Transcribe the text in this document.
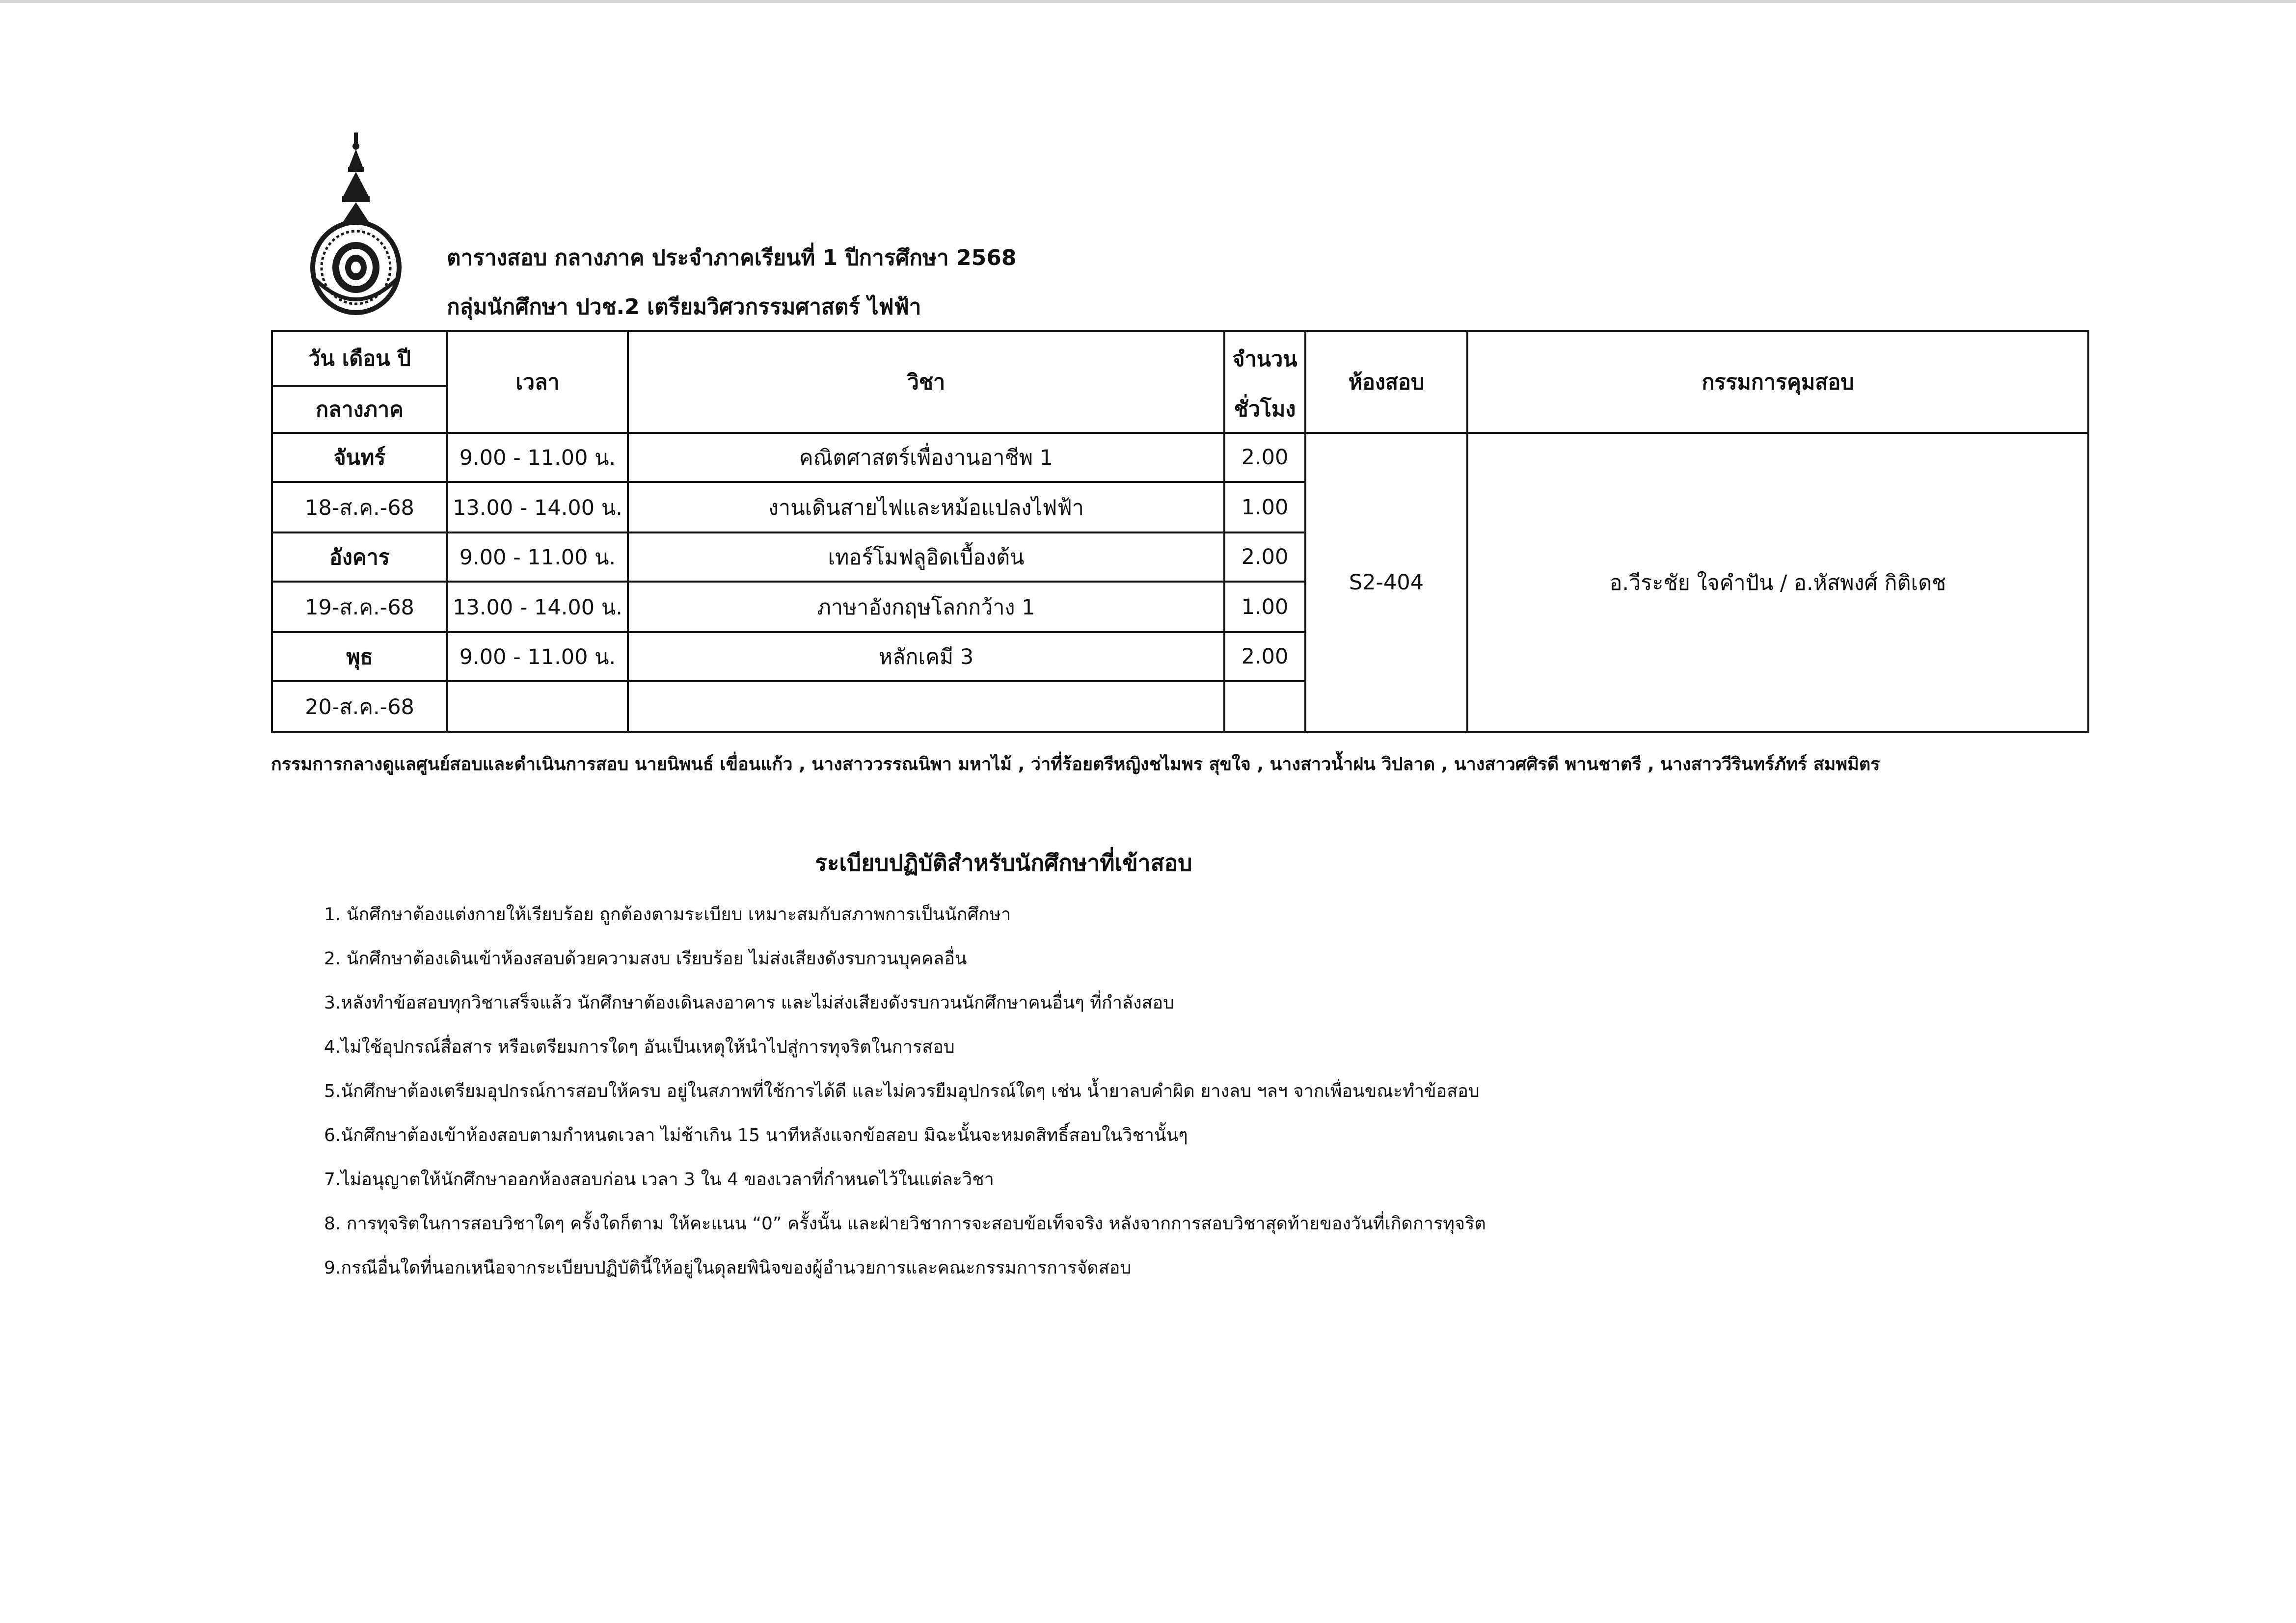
ตารางสอบ กลางภาค ประจำภาคเรียนที่ 1 ปีการศึกษา 2568
กลุ่มนักศึกษา ปวช.2 เตรียมวิศวกรรมศาสตร์ ไฟฟ้า
วัน เดือน ปี	เวลา	วิชา	จำนวน	ห้องสอบ	กรรมการคุมสอบ
กลางภาค			ชั่วโมง		
จันทร์	9.00 - 11.00 น.	คณิตศาสตร์เพื่องานอาชีพ 1	2.00	S2-404	อ.วีระชัย ใจคำปัน / อ.หัสพงศ์ กิติเดช
18-ส.ค.-68	13.00 - 14.00 น.	งานเดินสายไฟและหม้อแปลงไฟฟ้า	1.00		
อังคาร	9.00 - 11.00 น.	เทอร์โมฟลูอิดเบื้องต้น	2.00		
19-ส.ค.-68	13.00 - 14.00 น.	ภาษาอังกฤษโลกกว้าง 1	1.00		
พุธ	9.00 - 11.00 น.	หลักเคมี 3	2.00		
20-ส.ค.-68					
กรรมการกลางดูแลศูนย์สอบและดำเนินการสอบ นายนิพนธ์ เขื่อนแก้ว , นางสาววรรณนิพา มหาไม้ , ว่าที่ร้อยตรีหญิงชไมพร สุขใจ , นางสาวน้ำฝน วิปลาด , นางสาวศศิรดี พานชาตรี , นางสาววีรินทร์ภัทร์ สมพมิตร
ระเบียบปฏิบัติสำหรับนักศึกษาที่เข้าสอบ
1. นักศึกษาต้องแต่งกายให้เรียบร้อย ถูกต้องตามระเบียบ เหมาะสมกับสภาพการเป็นนักศึกษา
2. นักศึกษาต้องเดินเข้าห้องสอบด้วยความสงบ เรียบร้อย ไม่ส่งเสียงดังรบกวนบุคคลอื่น
3.หลังทำข้อสอบทุกวิชาเสร็จแล้ว นักศึกษาต้องเดินลงอาคาร และไม่ส่งเสียงดังรบกวนนักศึกษาคนอื่นๆ ที่กำลังสอบ
4.ไม่ใช้อุปกรณ์สื่อสาร หรือเตรียมการใดๆ อันเป็นเหตุให้นำไปสู่การทุจริตในการสอบ
5.นักศึกษาต้องเตรียมอุปกรณ์การสอบให้ครบ อยู่ในสภาพที่ใช้การได้ดี และไม่ควรยืมอุปกรณ์ใดๆ เช่น น้ำยาลบคำผิด ยางลบ ฯลฯ จากเพื่อนขณะทำข้อสอบ
6.นักศึกษาต้องเข้าห้องสอบตามกำหนดเวลา ไม่ช้าเกิน 15 นาทีหลังแจกข้อสอบ มิฉะนั้นจะหมดสิทธิ์สอบในวิชานั้นๆ
7.ไม่อนุญาตให้นักศึกษาออกห้องสอบก่อน เวลา 3 ใน 4 ของเวลาที่กำหนดไว้ในแต่ละวิชา
8. การทุจริตในการสอบวิชาใดๆ ครั้งใดก็ตาม ให้คะแนน “0” ครั้งนั้น และฝ่ายวิชาการจะสอบข้อเท็จจริง หลังจากการสอบวิชาสุดท้ายของวันที่เกิดการทุจริต
9.กรณีอื่นใดที่นอกเหนือจากระเบียบปฏิบัตินี้ให้อยู่ในดุลยพินิจของผู้อำนวยการและคณะกรรมการการจัดสอบ
